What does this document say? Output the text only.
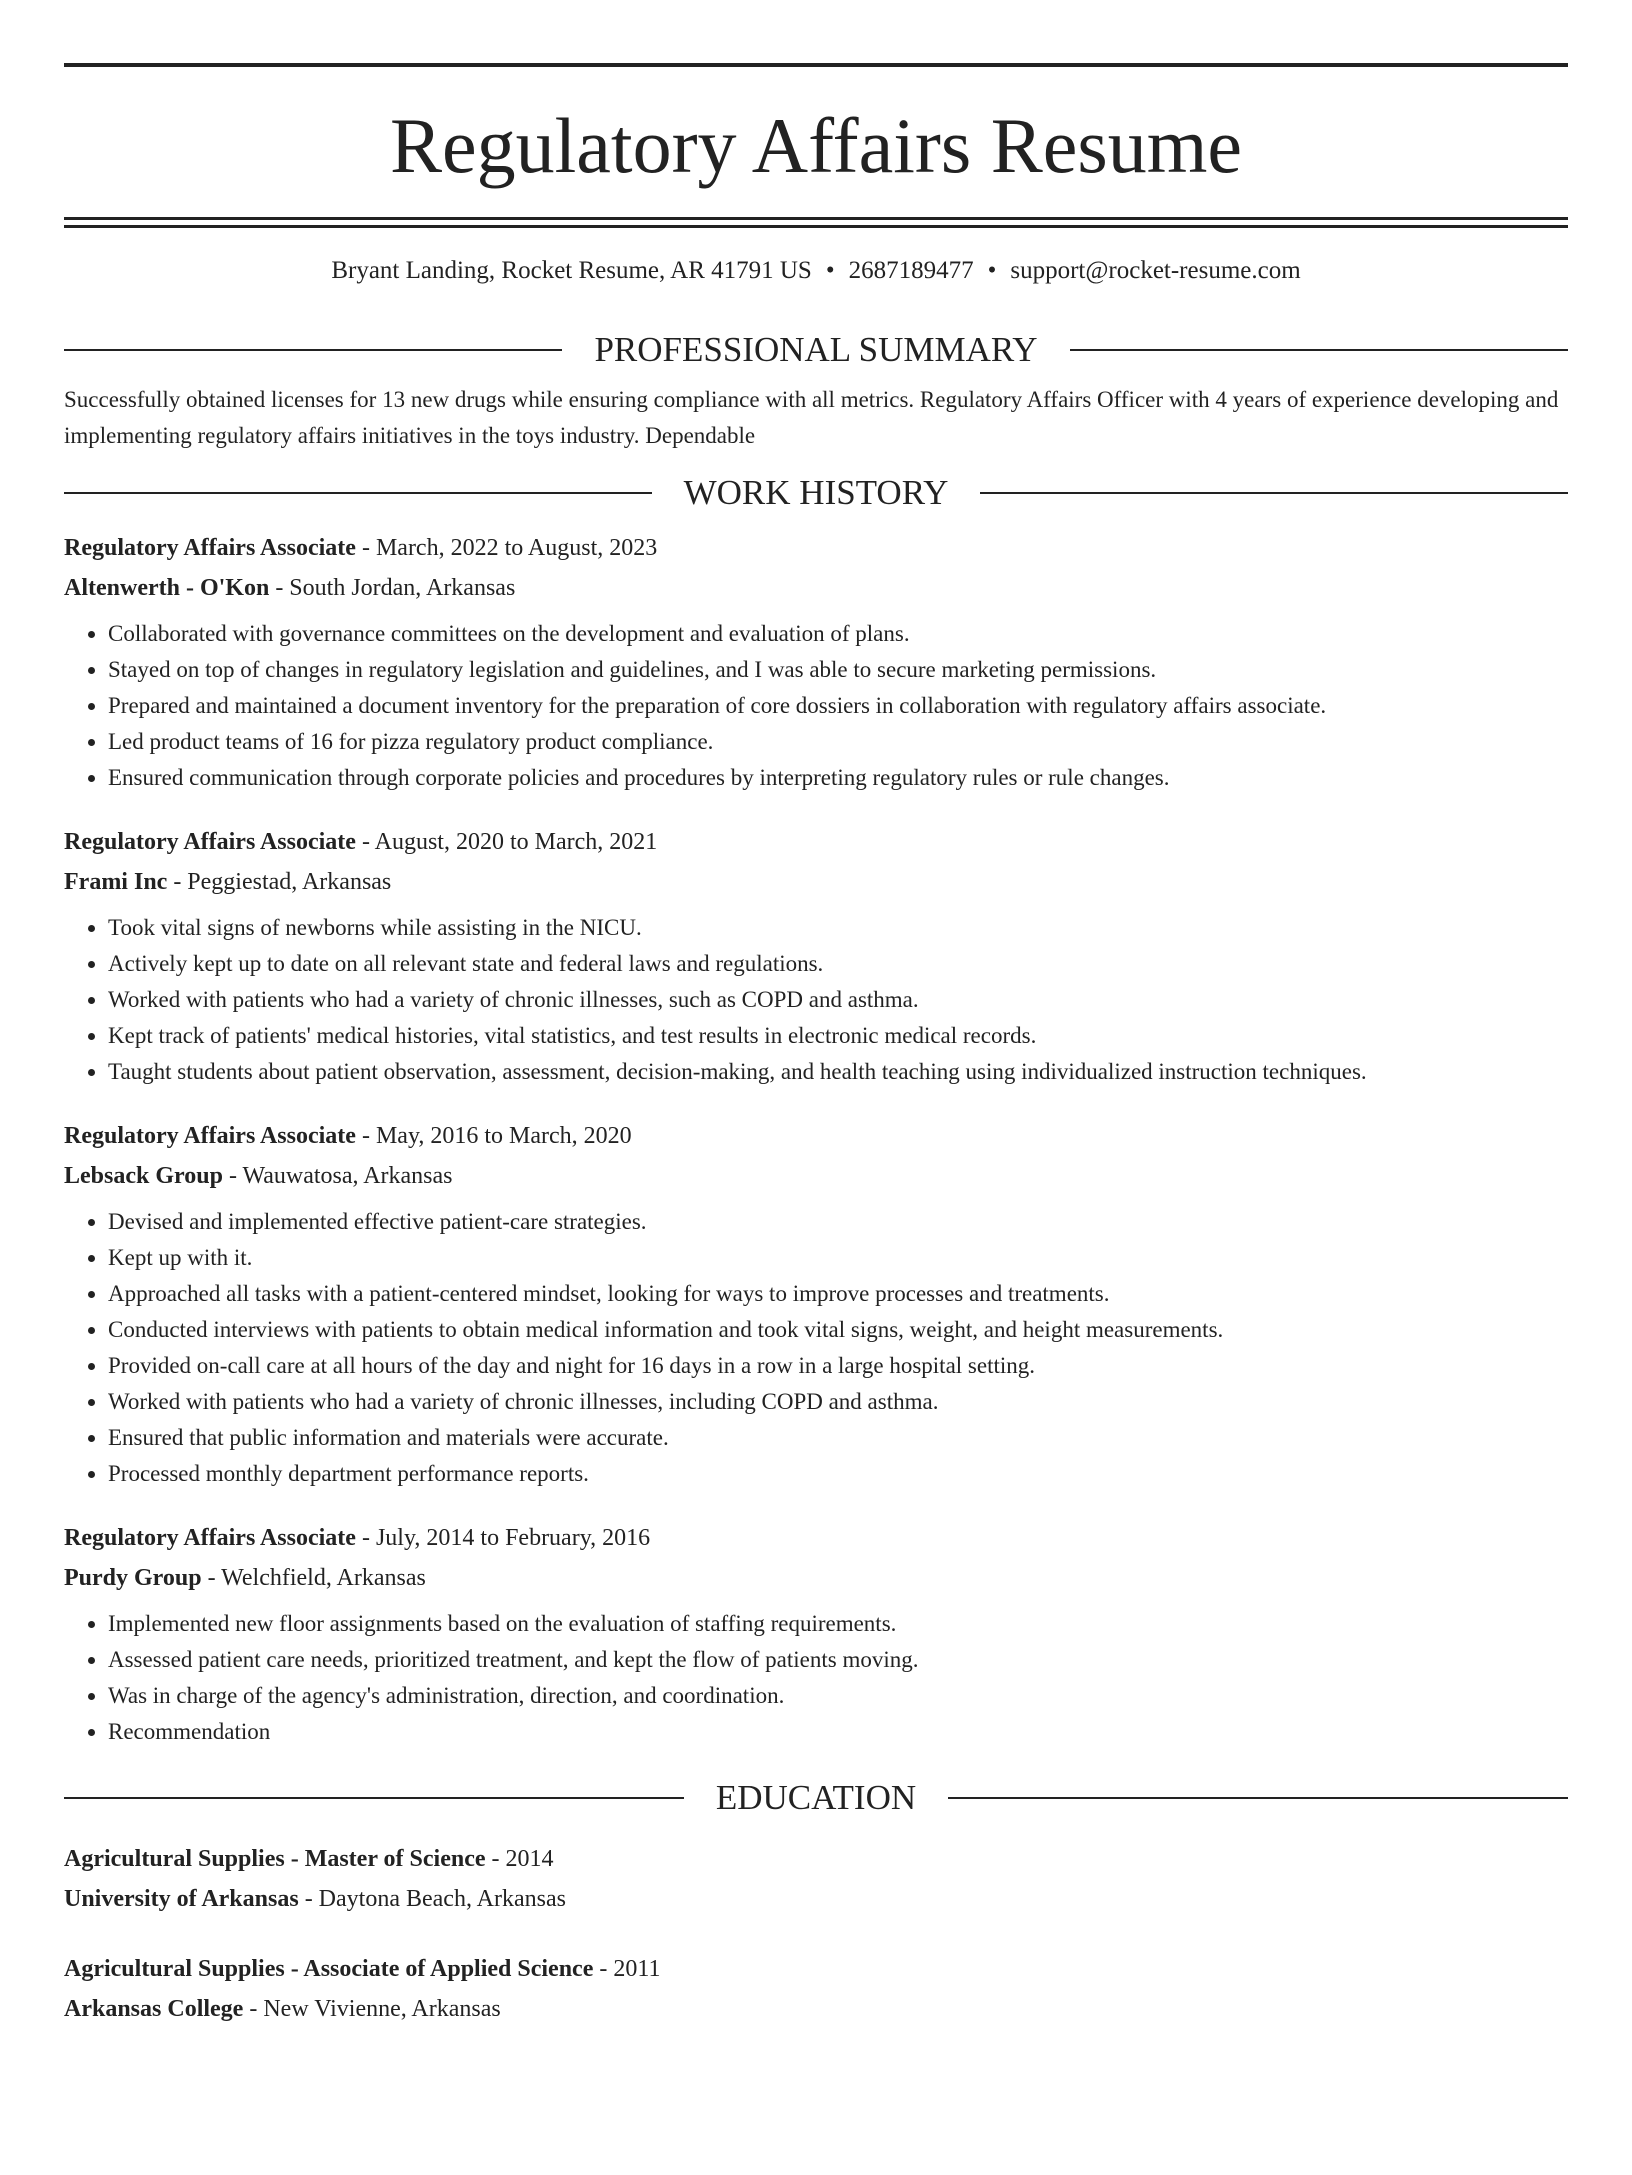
Regulatory Affairs Resume
Bryant Landing, Rocket Resume, AR 41791 US • 2687189477 • support@rocket-resume.com
PROFESSIONAL SUMMARY
Successfully obtained licenses for 13 new drugs while ensuring compliance with all metrics. Regulatory Affairs Officer with 4 years of experience developing and implementing regulatory affairs initiatives in the toys industry. Dependable
WORK HISTORY
Regulatory Affairs Associate - March, 2022 to August, 2023
Altenwerth - O'Kon - South Jordan, Arkansas
• Collaborated with governance committees on the development and evaluation of plans.
• Stayed on top of changes in regulatory legislation and guidelines, and I was able to secure marketing permissions.
• Prepared and maintained a document inventory for the preparation of core dossiers in collaboration with regulatory affairs associate.
• Led product teams of 16 for pizza regulatory product compliance.
• Ensured communication through corporate policies and procedures by interpreting regulatory rules or rule changes.
Regulatory Affairs Associate - August, 2020 to March, 2021
Frami Inc - Peggiestad, Arkansas
• Took vital signs of newborns while assisting in the NICU.
• Actively kept up to date on all relevant state and federal laws and regulations.
• Worked with patients who had a variety of chronic illnesses, such as COPD and asthma.
• Kept track of patients' medical histories, vital statistics, and test results in electronic medical records.
• Taught students about patient observation, assessment, decision-making, and health teaching using individualized instruction techniques.
Regulatory Affairs Associate - May, 2016 to March, 2020
Lebsack Group - Wauwatosa, Arkansas
• Devised and implemented effective patient-care strategies.
• Kept up with it.
• Approached all tasks with a patient-centered mindset, looking for ways to improve processes and treatments.
• Conducted interviews with patients to obtain medical information and took vital signs, weight, and height measurements.
• Provided on-call care at all hours of the day and night for 16 days in a row in a large hospital setting.
• Worked with patients who had a variety of chronic illnesses, including COPD and asthma.
• Ensured that public information and materials were accurate.
• Processed monthly department performance reports.
Regulatory Affairs Associate - July, 2014 to February, 2016
Purdy Group - Welchfield, Arkansas
• Implemented new floor assignments based on the evaluation of staffing requirements.
• Assessed patient care needs, prioritized treatment, and kept the flow of patients moving.
• Was in charge of the agency's administration, direction, and coordination.
• Recommendation
EDUCATION
Agricultural Supplies - Master of Science - 2014
University of Arkansas - Daytona Beach, Arkansas
Agricultural Supplies - Associate of Applied Science - 2011
Arkansas College - New Vivienne, Arkansas
